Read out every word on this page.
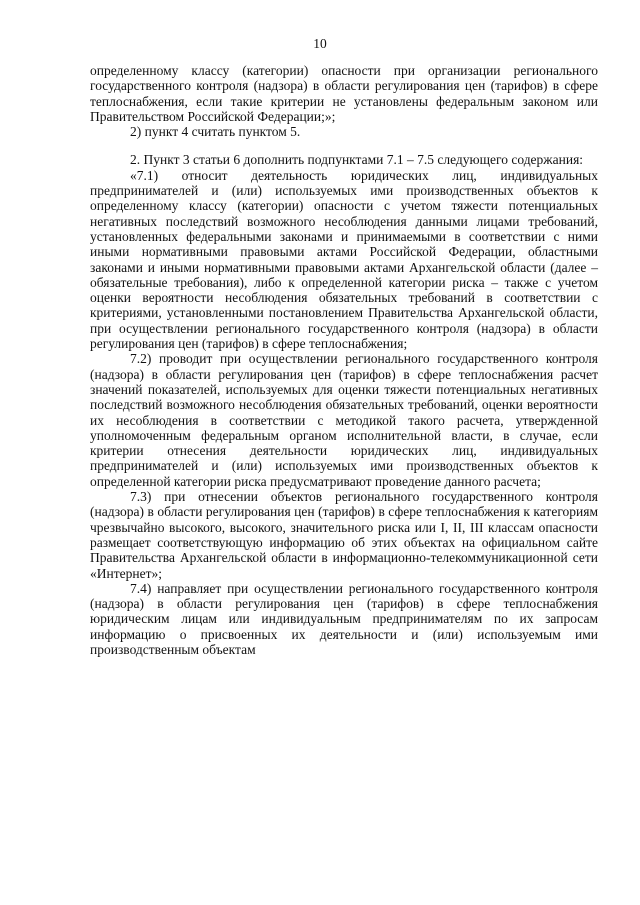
10

определенному классу (категории) опасности при организации регионального государственного контроля (надзора) в области регулирования цен (тарифов) в сфере теплоснабжения, если такие критерии не установлены федеральным законом или Правительством Российской Федерации;»;

2) пункт 4 считать пунктом 5.

2. Пункт 3 статьи 6 дополнить подпунктами 7.1 – 7.5 следующего содержания:

«7.1) относит деятельность юридических лиц, индивидуальных предпринимателей и (или) используемых ими производственных объектов к определенному классу (категории) опасности с учетом тяжести потенциальных негативных последствий возможного несоблюдения данными лицами требований, установленных федеральными законами и принимаемыми в соответствии с ними иными нормативными правовыми актами Российской Федерации, областными законами и иными нормативными правовыми актами Архангельской области (далее – обязательные требования), либо к определенной категории риска – также с учетом оценки вероятности несоблюдения обязательных требований в соответствии с критериями, установленными постановлением Правительства Архангельской области, при осуществлении регионального государственного контроля (надзора) в области регулирования цен (тарифов) в сфере теплоснабжения;

7.2) проводит при осуществлении регионального государственного контроля (надзора) в области регулирования цен (тарифов) в сфере теплоснабжения расчет значений показателей, используемых для оценки тяжести потенциальных негативных последствий возможного несоблюдения обязательных требований, оценки вероятности их несоблюдения в соответствии с методикой такого расчета, утвержденной уполномоченным федеральным органом исполнительной власти, в случае, если критерии отнесения деятельности юридических лиц, индивидуальных предпринимателей и (или) используемых ими производственных объектов к определенной категории риска предусматривают проведение данного расчета;

7.3) при отнесении объектов регионального государственного контроля (надзора) в области регулирования цен (тарифов) в сфере теплоснабжения к категориям чрезвычайно высокого, высокого, значительного риска или I, II, III классам опасности размещает соответствующую информацию об этих объектах на официальном сайте Правительства Архангельской области в информационно-телекоммуникационной сети «Интернет»;

7.4) направляет при осуществлении регионального государственного контроля (надзора) в области регулирования цен (тарифов) в сфере теплоснабжения юридическим лицам или индивидуальным предпринимателям по их запросам информацию о присвоенных их деятельности и (или) используемым ими производственным объектам
